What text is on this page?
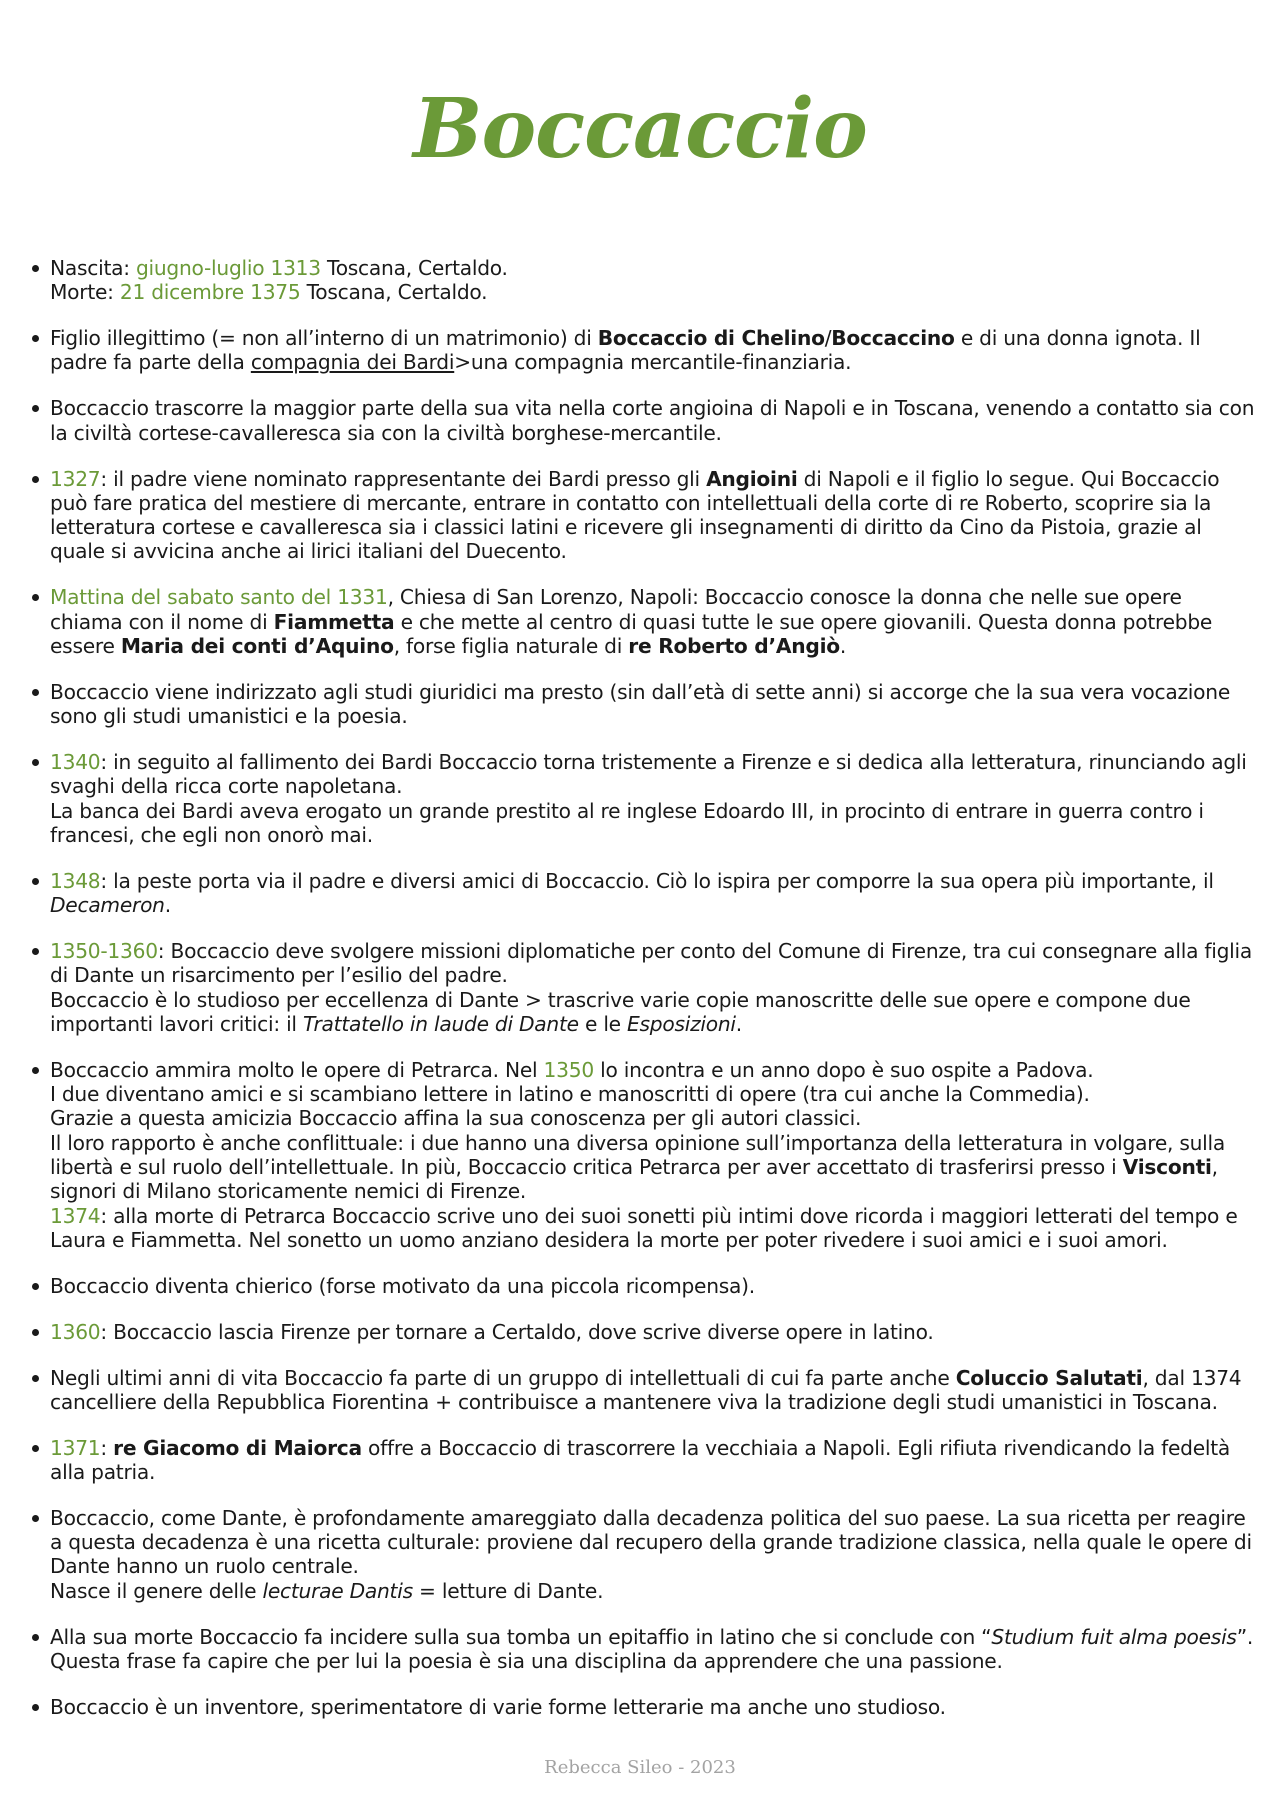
Boccaccio
Nascita: giugno-luglio 1313 Toscana, Certaldo.
Morte: 21 dicembre 1375 Toscana, Certaldo.
Figlio illegittimo (= non all’interno di un matrimonio) di Boccaccio di Chelino/Boccaccino e di una donna ignota. Il padre fa parte della compagnia dei Bardi>una compagnia mercantile-finanziaria.
Boccaccio trascorre la maggior parte della sua vita nella corte angioina di Napoli e in Toscana, venendo a contatto sia con la civiltà cortese-cavalleresca sia con la civiltà borghese-mercantile.
1327: il padre viene nominato rappresentante dei Bardi presso gli Angioini di Napoli e il figlio lo segue. Qui Boccaccio può fare pratica del mestiere di mercante, entrare in contatto con intellettuali della corte di re Roberto, scoprire sia la letteratura cortese e cavalleresca sia i classici latini e ricevere gli insegnamenti di diritto da Cino da Pistoia, grazie al quale si avvicina anche ai lirici italiani del Duecento.
Mattina del sabato santo del 1331, Chiesa di San Lorenzo, Napoli: Boccaccio conosce la donna che nelle sue opere chiama con il nome di Fiammetta e che mette al centro di quasi tutte le sue opere giovanili. Questa donna potrebbe essere Maria dei conti d’Aquino, forse figlia naturale di re Roberto d’Angiò.
Boccaccio viene indirizzato agli studi giuridici ma presto (sin dall’età di sette anni) si accorge che la sua vera vocazione sono gli studi umanistici e la poesia.
1340: in seguito al fallimento dei Bardi Boccaccio torna tristemente a Firenze e si dedica alla letteratura, rinunciando agli svaghi della ricca corte napoletana.
La banca dei Bardi aveva erogato un grande prestito al re inglese Edoardo III, in procinto di entrare in guerra contro i francesi, che egli non onorò mai.
1348: la peste porta via il padre e diversi amici di Boccaccio. Ciò lo ispira per comporre la sua opera più importante, il Decameron.
1350-1360: Boccaccio deve svolgere missioni diplomatiche per conto del Comune di Firenze, tra cui consegnare alla figlia di Dante un risarcimento per l’esilio del padre.
Boccaccio è lo studioso per eccellenza di Dante > trascrive varie copie manoscritte delle sue opere e compone due importanti lavori critici: il Trattatello in laude di Dante e le Esposizioni.
Boccaccio ammira molto le opere di Petrarca. Nel 1350 lo incontra e un anno dopo è suo ospite a Padova.
I due diventano amici e si scambiano lettere in latino e manoscritti di opere (tra cui anche la Commedia).
Grazie a questa amicizia Boccaccio affina la sua conoscenza per gli autori classici.
Il loro rapporto è anche conflittuale: i due hanno una diversa opinione sull’importanza della letteratura in volgare, sulla libertà e sul ruolo dell’intellettuale. In più, Boccaccio critica Petrarca per aver accettato di trasferirsi presso i Visconti, signori di Milano storicamente nemici di Firenze.
1374: alla morte di Petrarca Boccaccio scrive uno dei suoi sonetti più intimi dove ricorda i maggiori letterati del tempo e Laura e Fiammetta. Nel sonetto un uomo anziano desidera la morte per poter rivedere i suoi amici e i suoi amori.
Boccaccio diventa chierico (forse motivato da una piccola ricompensa).
1360: Boccaccio lascia Firenze per tornare a Certaldo, dove scrive diverse opere in latino.
Negli ultimi anni di vita Boccaccio fa parte di un gruppo di intellettuali di cui fa parte anche Coluccio Salutati, dal 1374 cancelliere della Repubblica Fiorentina + contribuisce a mantenere viva la tradizione degli studi umanistici in Toscana.
1371: re Giacomo di Maiorca offre a Boccaccio di trascorrere la vecchiaia a Napoli. Egli rifiuta rivendicando la fedeltà alla patria.
Boccaccio, come Dante, è profondamente amareggiato dalla decadenza politica del suo paese. La sua ricetta per reagire a questa decadenza è una ricetta culturale: proviene dal recupero della grande tradizione classica, nella quale le opere di Dante hanno un ruolo centrale.
Nasce il genere delle lecturae Dantis = letture di Dante.
Alla sua morte Boccaccio fa incidere sulla sua tomba un epitaffio in latino che si conclude con “Studium fuit alma poesis”. Questa frase fa capire che per lui la poesia è sia una disciplina da apprendere che una passione.
Boccaccio è un inventore, sperimentatore di varie forme letterarie ma anche uno studioso.
Rebecca Sileo - 2023
